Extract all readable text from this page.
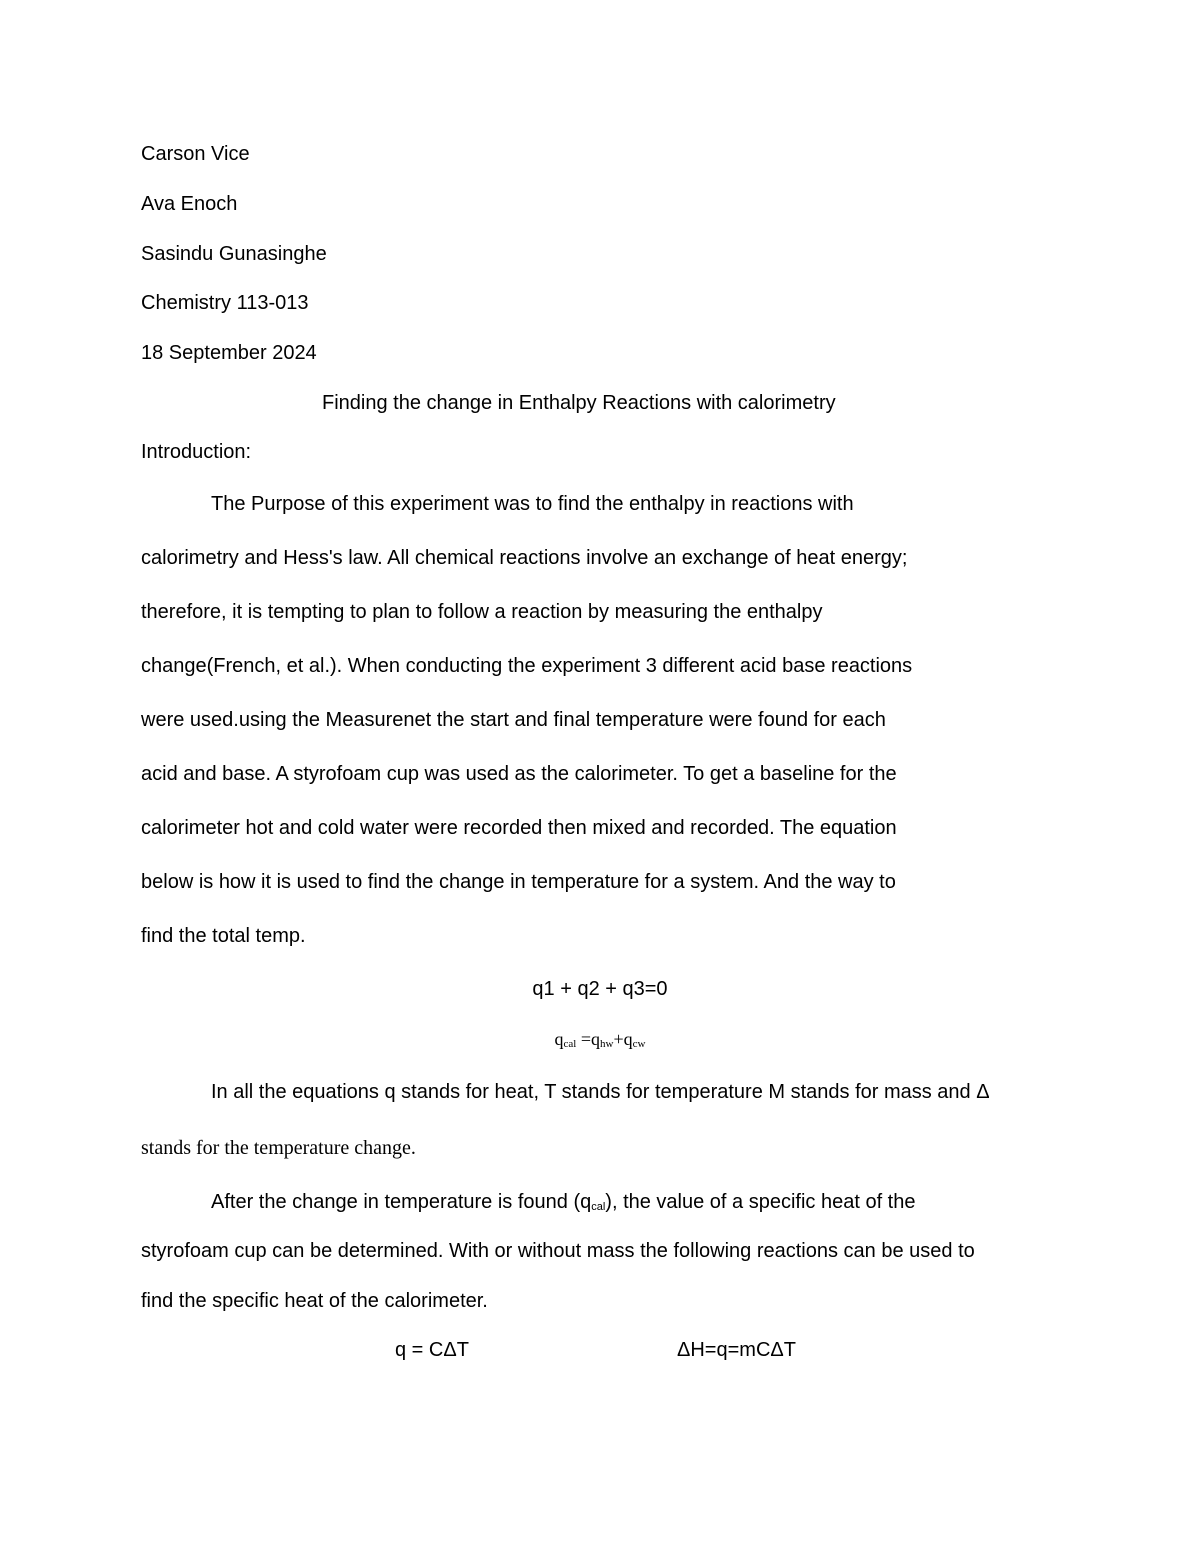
Carson Vice
Ava Enoch
Sasindu Gunasinghe
Chemistry 113-013
18 September 2024
Finding the change in Enthalpy Reactions with calorimetry
Introduction:
The Purpose of this experiment was to find the enthalpy in reactions with
calorimetry and Hess's law. All chemical reactions involve an exchange of heat energy;
therefore, it is tempting to plan to follow a reaction by measuring the enthalpy
change(French, et al.). When conducting the experiment 3 different acid base reactions
were used.using the Measurenet the start and final temperature were found for each
acid and base. A styrofoam cup was used as the calorimeter. To get a baseline for the
calorimeter hot and cold water were recorded then mixed and recorded. The equation
below is how it is used to find the change in temperature for a system. And the way to
find the total temp.
q1 + q2 + q3=0
qcal =qhw+qcw
In all the equations q stands for heat, T stands for temperature M stands for mass and Δ
stands for the temperature change.
After the change in temperature is found (qcal), the value of a specific heat of the
styrofoam cup can be determined. With or without mass the following reactions can be used to
find the specific heat of the calorimeter.
q = CΔT	ΔH=q=mCΔT
